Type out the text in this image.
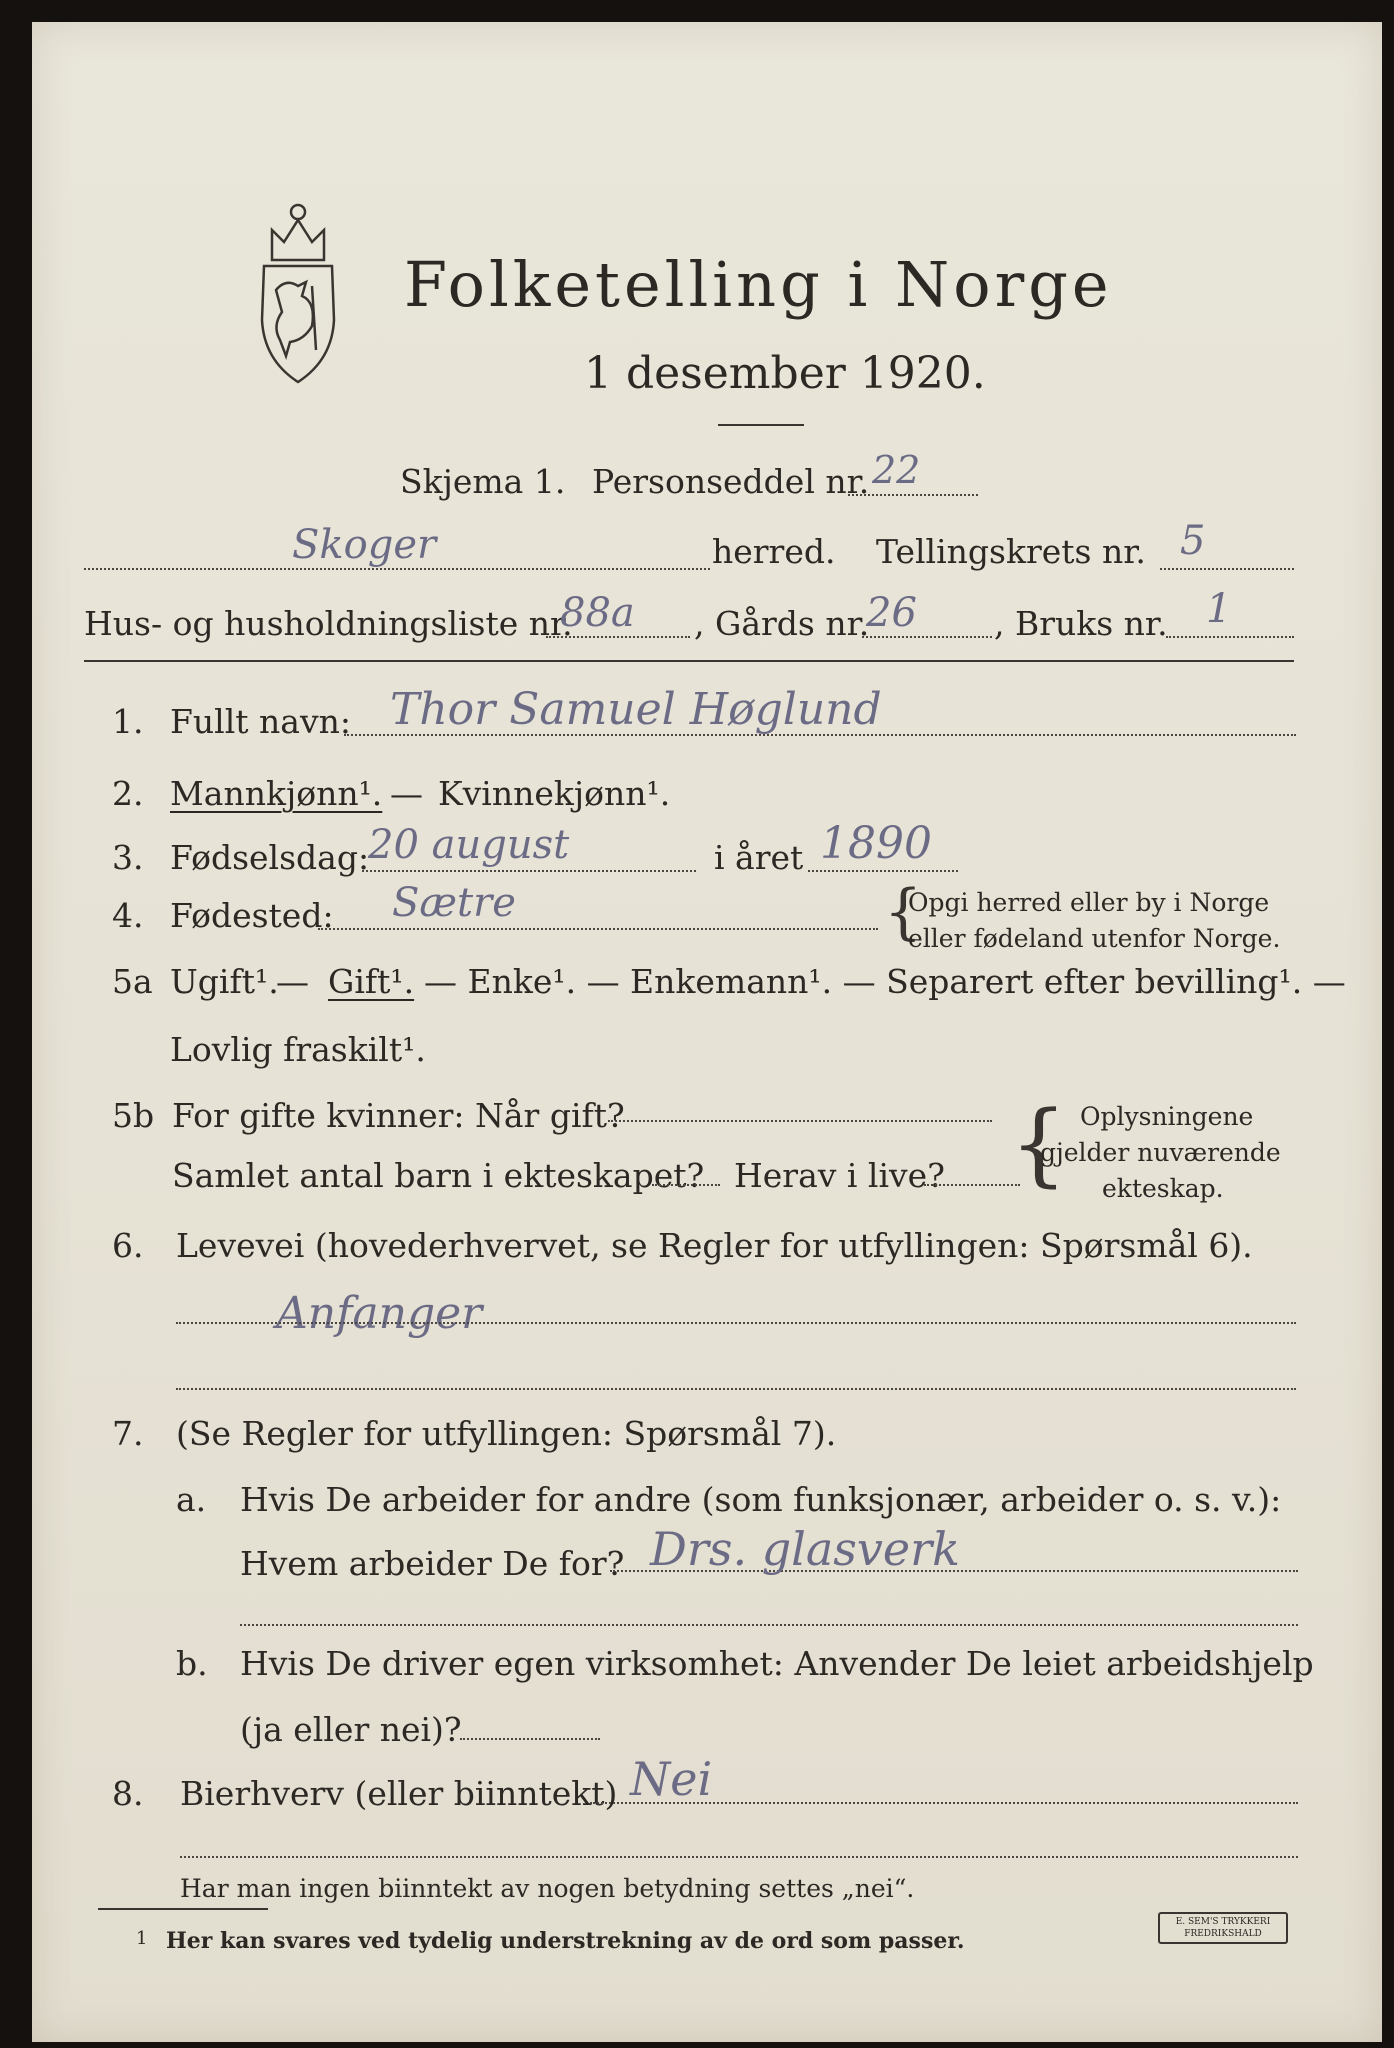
Folketelling i Norge
1 desember 1920.
Skjema 1. Personseddel nr. 22
Skoger	herred. Tellingskrets nr. 5
Hus- og husholdningsliste nr.
88a , Gårds nr.
26 , Bruks nr. 1
1. Fullt navn: Thor Samuel Høglund
2. Mannkjønn¹. — Kvinnekjønn¹.
3. Fødselsdag:
20 august	i året 1890
4. Fødested: Sætre	{
Opgi herred eller by i Norge
eller fødeland utenfor Norge.
5a Ugift¹.
— Gift¹. — Enke¹. — Enkemann¹. — Separert efter bevilling¹. —
Lovlig fraskilt¹.
5b For gifte kvinner: Når gift?
Samlet antal barn i ekteskapet? Herav i live? { Oplysningene
gjelder nuværende
ekteskap.
6. Levevei (hovederhvervet, se Regler for utfyllingen: Spørsmål 6).
Anfanger
7. (Se Regler for utfyllingen: Spørsmål 7).
a. Hvis De arbeider for andre (som funksjonær, arbeider o. s. v.):
Hvem arbeider De for? Drs. glasverk
b. Hvis De driver egen virksomhet: Anvender De leiet arbeidshjelp
(ja eller nei)?
8. Bierhverv (eller biinntekt) Nei
Har man ingen biinntekt av nogen betydning settes „nei“.
1 Her kan svares ved tydelig understrekning av de ord som passer.
E. SEM'S TRYKKERI FREDRIKSHALD
